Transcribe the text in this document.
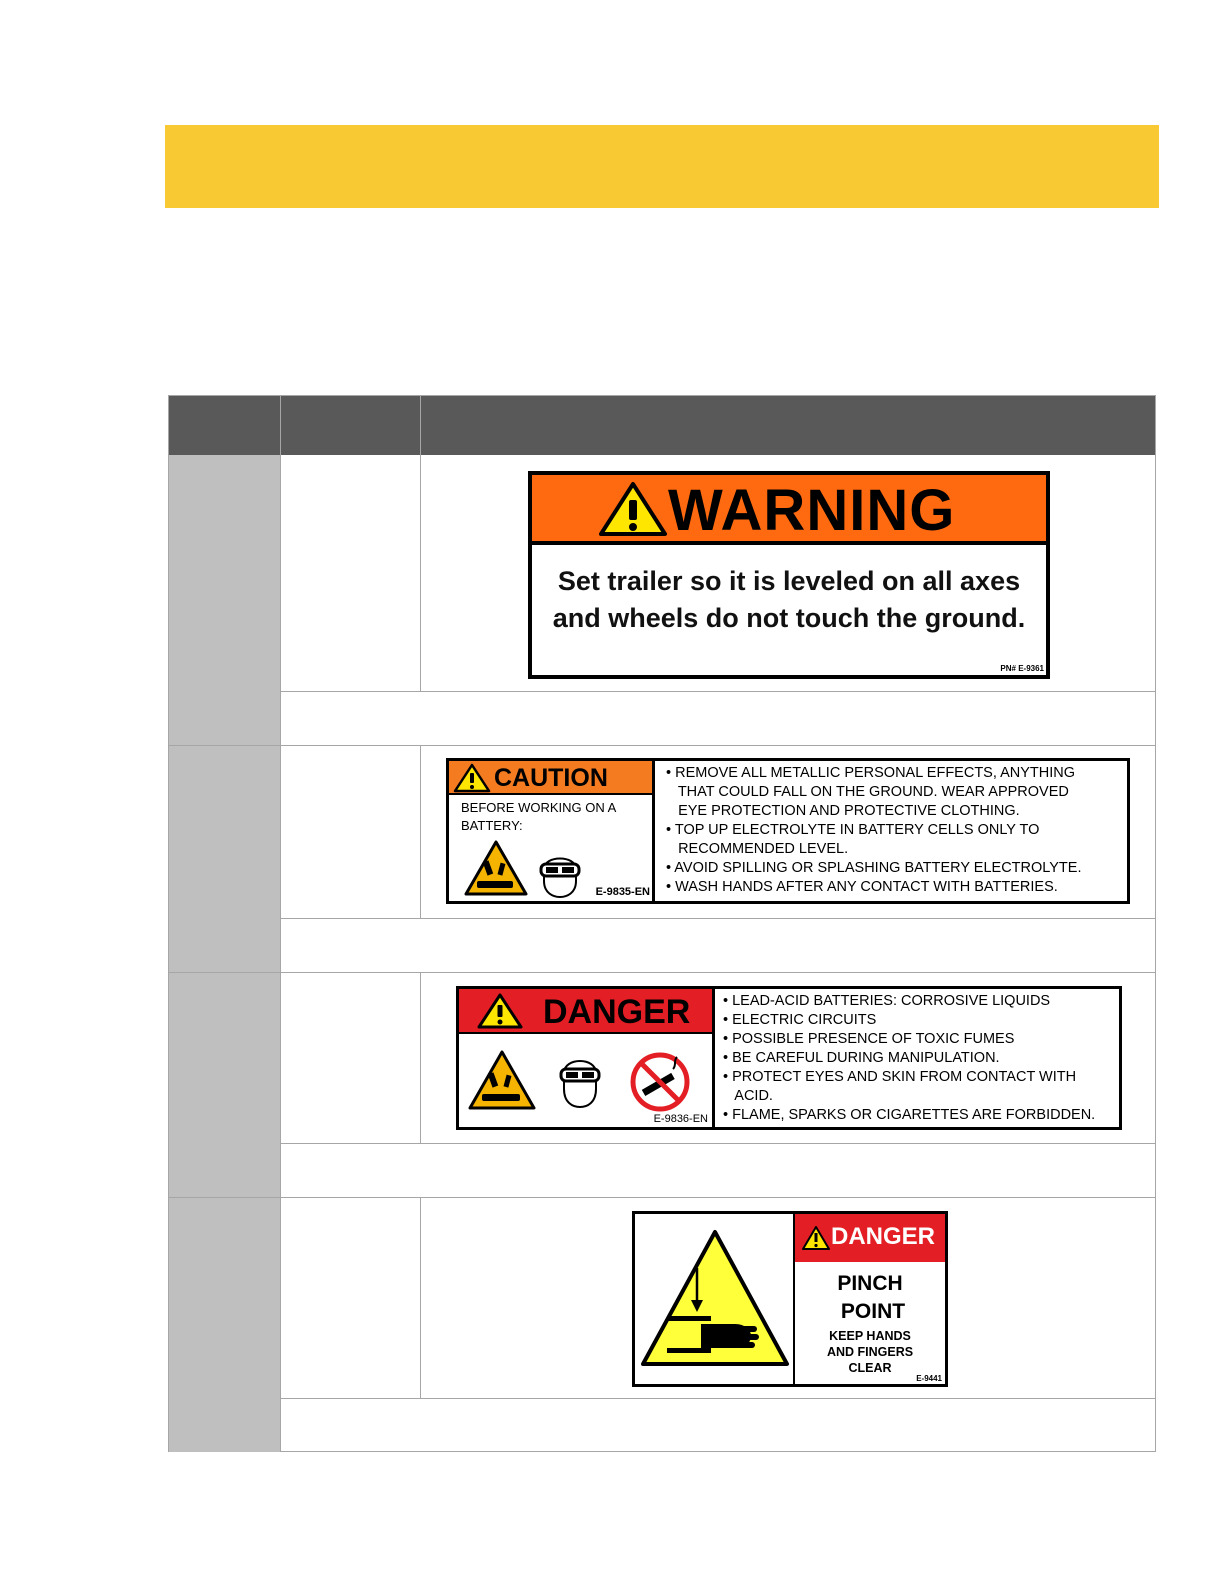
WARNING
Set trailer so it is leveled on all axes
and wheels do not touch the ground.
PN# E-9361
CAUTION
BEFORE WORKING ON A BATTERY:
E-9835-EN
• REMOVE ALL METALLIC PERSONAL EFFECTS, ANYTHING
THAT COULD FALL ON THE GROUND. WEAR APPROVED
EYE PROTECTION AND PROTECTIVE CLOTHING.
• TOP UP ELECTROLYTE IN BATTERY CELLS ONLY TO
RECOMMENDED LEVEL.
• AVOID SPILLING OR SPLASHING BATTERY ELECTROLYTE.
• WASH HANDS AFTER ANY CONTACT WITH BATTERIES.
DANGER
E-9836-EN
• LEAD-ACID BATTERIES: CORROSIVE LIQUIDS
• ELECTRIC CIRCUITS
• POSSIBLE PRESENCE OF TOXIC FUMES
• BE CAREFUL DURING MANIPULATION.
• PROTECT EYES AND SKIN FROM CONTACT WITH
ACID.
• FLAME, SPARKS OR CIGARETTES ARE FORBIDDEN.
DANGER
PINCH
POINT
KEEP HANDS
AND FINGERS
CLEAR
E-9441
